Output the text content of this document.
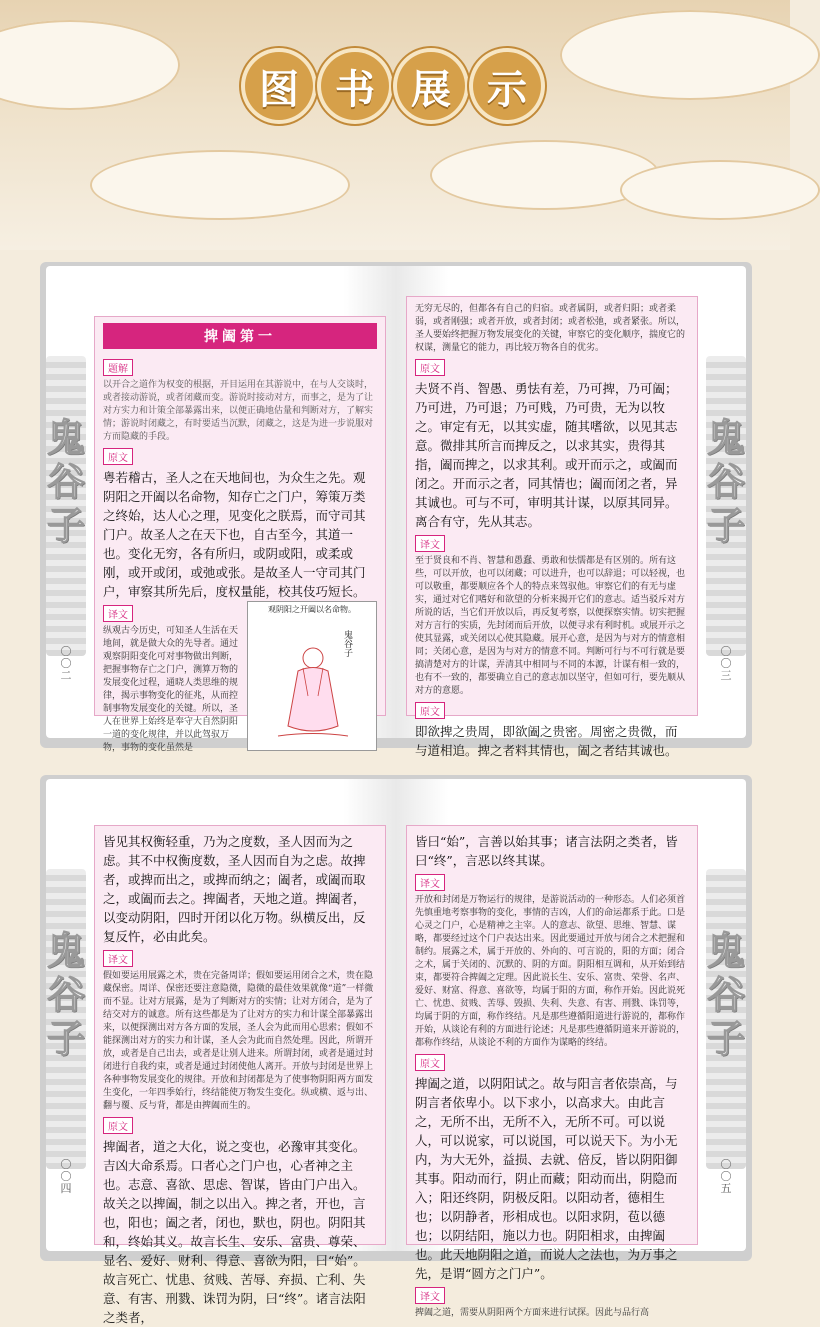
图 书 展 示
鬼谷子
〇〇二
捭阖第一
题解

以开合之道作为权变的根据，开目运用在其游说中，在与人交谈时，或者接动游说，或者闭藏而变。游说时接动对方，而事之，是为了让对方实力和计策全部暴露出来，以便正确地估量和判断对方，了解实情；游说时闭藏之，有时要适当沉默，闭藏之，这是为进一步说服对方而隐藏的手段。

原文

粤若稽古，圣人之在天地间也，为众生之先。观阴阳之开阖以名命物，知存亡之门户，筹策万类之终始，达人心之理，见变化之朕焉，而守司其门户。故圣人之在天下也，自古至今，其道一也。变化无穷，各有所归，或阴或阳，或柔或刚，或开或闭，或弛或张。是故圣人一守司其门户，审察其所先后，度权量能，校其伎巧短长。

译文
观阴阳之开阖以名命物。
鬼谷子

纵观古今历史，可知圣人生活在天地间，就是做大众的先导者。通过观察阴阳变化可对事物做出判断，把握事物存亡之门户，测算万物的发展变化过程，通晓人类思维的规律，揭示事物变化的征兆，从而控制事物发展变化的关键。所以，圣人在世界上始终是奉守大自然阴阳一道的变化规律，并以此驾驭万物，事物的变化虽然是

鬼谷子
〇〇三

无穷无尽的，但都各有自己的归宿。或者属阴，或者归阳；或者柔弱，或者刚强；或者开放，或者封闭；或者松弛，或者紧张。所以，圣人要始终把握万物发展变化的关键，审察它的变化顺序，揣度它的权谋，测量它的能力，再比较万物各自的优劣。

原文

夫贤不肖、智愚、勇怯有差，乃可捭，乃可阖；乃可进，乃可退；乃可贱，乃可贵，无为以牧之。审定有无，以其实虚，随其嗜欲，以见其志意。微排其所言而捭反之，以求其实，贵得其指，阖而捭之，以求其利。或开而示之，或阖而闭之。开而示之者，同其情也；阖而闭之者，异其诚也。可与不可，审明其计谋，以原其同异。离合有守，先从其志。

译文

至于贤良和不肖、智慧和愚蠢、勇敢和怯懦都是有区别的。所有这些，可以开放，也可以闭藏；可以进升，也可以辞退；可以轻视，也可以敬重，都要顺应各个人的特点来驾驭他。审察它们的有无与虚实，通过对它们嗜好和欲望的分析来揭开它们的意志。适当驳斥对方所说的话，当它们开放以后，再反复考察，以便探察实情。切实把握对方言行的实质，先封闭而后开放，以便寻求有利时机。或展开示之使其显露，或关闭以心使其隐藏。展开心意，是因为与对方的情意相同；关闭心意，是因为与对方的情意不同。判断可行与不可行就是要搞清楚对方的计谋，弄清其中相同与不同的本源，计谋有相一致的，也有不一致的，都要确立自己的意志加以坚守，但如可行，要先顺从对方的意愿。

原文

即欲捭之贵周，即欲阖之贵密。周密之贵微，而与道相追。捭之者料其情也，阖之者结其诚也。

鬼谷子
〇〇四

皆见其权衡轻重，乃为之度数，圣人因而为之虑。其不中权衡度数，圣人因而自为之虑。故捭者，或捭而出之，或捭而纳之；阖者，或阖而取之，或阖而去之。捭阖者，天地之道。捭阖者，以变动阴阳，四时开闭以化万物。纵横反出，反复反忤，必由此矣。

译文

假如要运用展露之术，贵在完备周详；假如要运用闭合之术，贵在隐藏保密。周详、保密还要注意隐微，隐微的最佳效果就像“道”一样微而不显。让对方展露，是为了判断对方的实情；让对方闭合，是为了结交对方的诚意。所有这些都是为了让对方的实力和计谋全部暴露出来，以便探测出对方各方面的发展，圣人会为此而用心思索；假如不能探测出对方的实力和计谋，圣人会为此而自然处理。因此，所谓开放，或者是自己出去，或者是让别人进来。所谓封闭，或者是通过封闭进行自我约束，或者是通过封闭使他人离开。开放与封闭是世界上各种事物发展变化的规律。开放和封闭都是为了使事物阴阳两方面发生变化，一年四季始行，终结能使万物发生变化。纵或横、返与出、翻与覆、反与背，都是由捭阖而生的。

原文

捭阖者，道之大化，说之变也，必豫审其变化。吉凶大命系焉。口者心之门户也，心者神之主也。志意、喜欲、思虑、智谋，皆由门户出入。故关之以捭阖，制之以出入。捭之者，开也，言也，阳也；阖之者，闭也，默也，阴也。阴阳其和，终始其义。故言长生、安乐、富贵、尊荣、显名、爱好、财利、得意、喜欲为阳，曰“始”。故言死亡、忧患、贫贱、苦辱、弃损、亡利、失意、有害、刑戮、诛罚为阴，曰“终”。诸言法阳之类者，

鬼谷子
〇〇五

皆曰“始”，言善以始其事；诸言法阴之类者，皆曰“终”，言恶以终其谋。

译文

开放和封闭是万物运行的规律，是游说活动的一种形态。人们必须首先慎重地考察事物的变化，事情的吉凶，人们的命运都系于此。口是心灵之门户，心是精神之主宰。人的意志、欲望、思维、智慧、谋略，都要经过这个门户表达出来。因此要通过开放与闭合之术把握和制约。展露之术，属于开放的、外向的、可言说的，阳的方面；闭合之术，属于关闭的、沉默的、阴的方面。阴阳相互调和，从开始到结束，都要符合捭阖之定理。因此说长生、安乐、富贵、荣誉、名声、爱好、财富、得意、喜欲等，均属于阳的方面，称作开始。因此说死亡、忧患、贫贱、苦辱、毁损、失利、失意、有害、刑戮、诛罚等，均属于阴的方面，称作终结。凡是那些遵循阳道进行游说的，都称作开始，从谈论有利的方面进行论述；凡是那些遵循阴道来开游说的，都称作终结，从谈论不利的方面作为谋略的终结。

原文

捭阖之道，以阴阳试之。故与阳言者依崇高，与阴言者依卑小。以下求小，以高求大。由此言之，无所不出，无所不入，无所不可。可以说人，可以说家，可以说国，可以说天下。为小无内，为大无外，益损、去就、倍反，皆以阴阳御其事。阳动而行，阴止而藏；阳动而出，阴隐而入；阳还终阴，阴极反阳。以阳动者，德相生也；以阴静者，形相成也。以阳求阴，苞以德也；以阴结阳，施以力也。阴阳相求，由捭阖也。此天地阴阳之道，而说人之法也，为万事之先，是谓“圆方之门户”。

译文

捭阖之道，需要从阴阳两个方面来进行试探。因此与品行高
